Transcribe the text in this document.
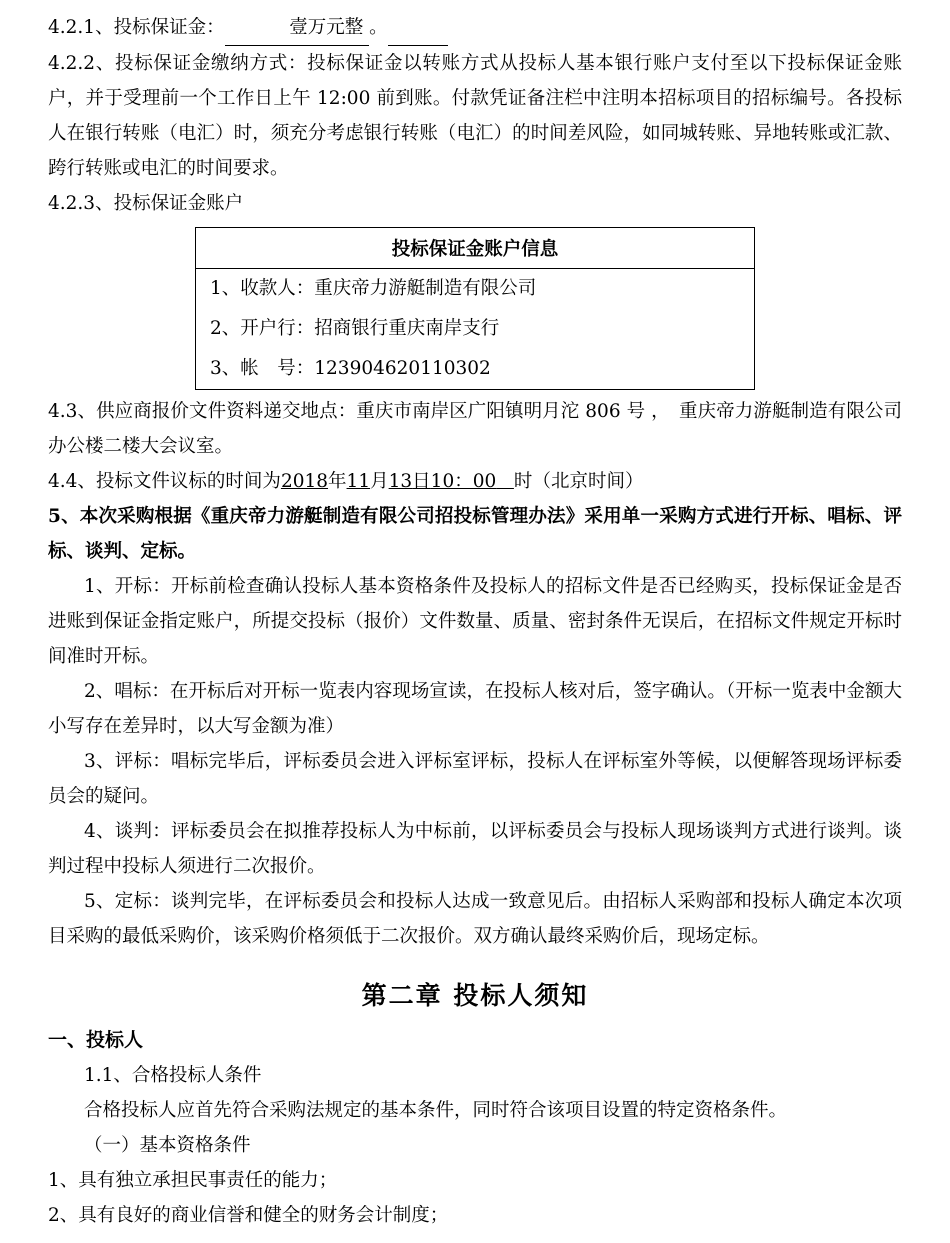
4.2.1、投标保证金：	壹万元整 。

4.2.2、投标保证金缴纳方式：投标保证金以转账方式从投标人基本银行账户支付至以下投标保证金账户，并于受理前一个工作日上午 12:00 前到账。付款凭证备注栏中注明本招标项目的招标编号。各投标人在银行转账（电汇）时，须充分考虑银行转账（电汇）的时间差风险，如同城转账、异地转账或汇款、跨行转账或电汇的时间要求。

4.2.3、投标保证金账户

投标保证金账户信息
1、收款人：重庆帝力游艇制造有限公司
2、开户行：招商银行重庆南岸支行
3、帐　号：123904620110302

4.3、供应商报价文件资料递交地点：重庆市南岸区广阳镇明月沱 806 号 ，　重庆帝力游艇制造有限公司办公楼二楼大会议室。

4.4、投标文件议标的时间为2018年11月13日10：00 时（北京时间）

5、本次采购根据《重庆帝力游艇制造有限公司招投标管理办法》采用单一采购方式进行开标、唱标、评标、谈判、定标。

1、开标：开标前检查确认投标人基本资格条件及投标人的招标文件是否已经购买，投标保证金是否进账到保证金指定账户，所提交投标（报价）文件数量、质量、密封条件无误后，在招标文件规定开标时间准时开标。

2、唱标：在开标后对开标一览表内容现场宣读，在投标人核对后，签字确认。（开标一览表中金额大小写存在差异时，以大写金额为准）

3、评标：唱标完毕后，评标委员会进入评标室评标，投标人在评标室外等候，以便解答现场评标委员会的疑问。

4、谈判：评标委员会在拟推荐投标人为中标前，以评标委员会与投标人现场谈判方式进行谈判。谈判过程中投标人须进行二次报价。

5、定标：谈判完毕，在评标委员会和投标人达成一致意见后。由招标人采购部和投标人确定本次项目采购的最低采购价，该采购价格须低于二次报价。双方确认最终采购价后，现场定标。

第二章 投标人须知

一、投标人

1.1、合格投标人条件

合格投标人应首先符合采购法规定的基本条件，同时符合该项目设置的特定资格条件。

（一）基本资格条件

1、具有独立承担民事责任的能力；

2、具有良好的商业信誉和健全的财务会计制度；
